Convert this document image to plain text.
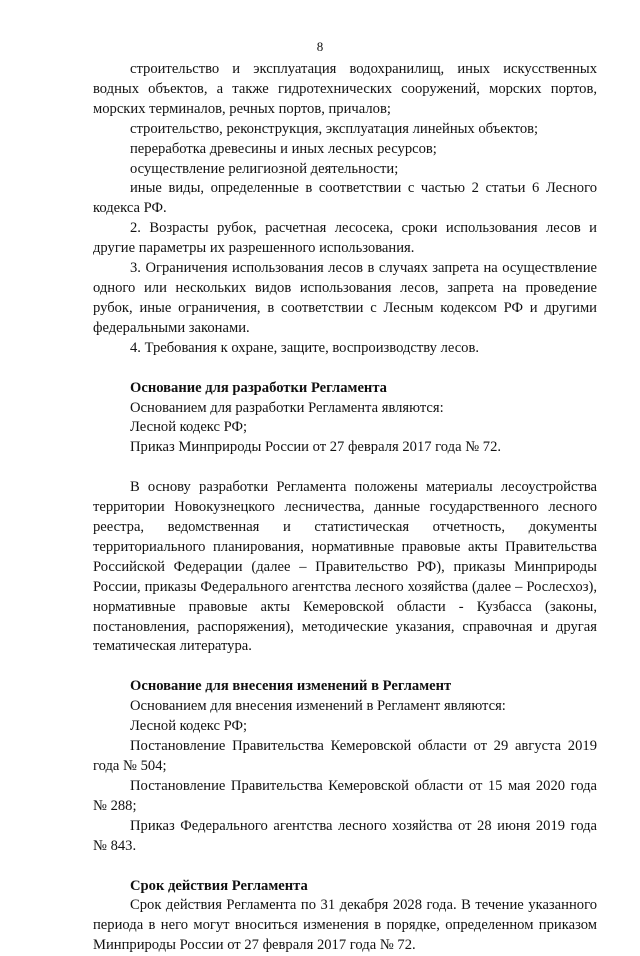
8

строительство и эксплуатация водохранилищ, иных искусственных водных объектов, а также гидротехнических сооружений, морских портов, морских терминалов, речных портов, причалов;

строительство, реконструкция, эксплуатация линейных объектов;

переработка древесины и иных лесных ресурсов;

осуществление религиозной деятельности;

иные виды, определенные в соответствии с частью 2 статьи 6 Лесного кодекса РФ.

2. Возрасты рубок, расчетная лесосека, сроки использования лесов и другие параметры их разрешенного использования.

3. Ограничения использования лесов в случаях запрета на осуществление одного или нескольких видов использования лесов, запрета на проведение рубок, иные ограничения, в соответствии с Лесным кодексом РФ и другими федеральными законами.

4. Требования к охране, защите, воспроизводству лесов.

Основание для разработки Регламента

Основанием для разработки Регламента являются:

Лесной кодекс РФ;

Приказ Минприроды России от 27 февраля 2017 года № 72.

В основу разработки Регламента положены материалы лесоустройства территории Новокузнецкого лесничества, данные государственного лесного реестра, ведомственная и статистическая отчетность, документы территориального планирования, нормативные правовые акты Правительства Российской Федерации (далее – Правительство РФ), приказы Минприроды России, приказы Федерального агентства лесного хозяйства (далее – Рослесхоз), нормативные правовые акты Кемеровской области - Кузбасса (законы, постановления, распоряжения), методические указания, справочная и другая тематическая литература.

Основание для внесения изменений в Регламент

Основанием для внесения изменений в Регламент являются:

Лесной кодекс РФ;

Постановление Правительства Кемеровской области от 29 августа 2019 года № 504;

Постановление Правительства Кемеровской области от 15 мая 2020 года № 288;

Приказ Федерального агентства лесного хозяйства от 28 июня 2019 года № 843.

Срок действия Регламента

Срок действия Регламента по 31 декабря 2028 года. В течение указанного периода в него могут вноситься изменения в порядке, определенном приказом Минприроды России от 27 февраля 2017 года № 72.
